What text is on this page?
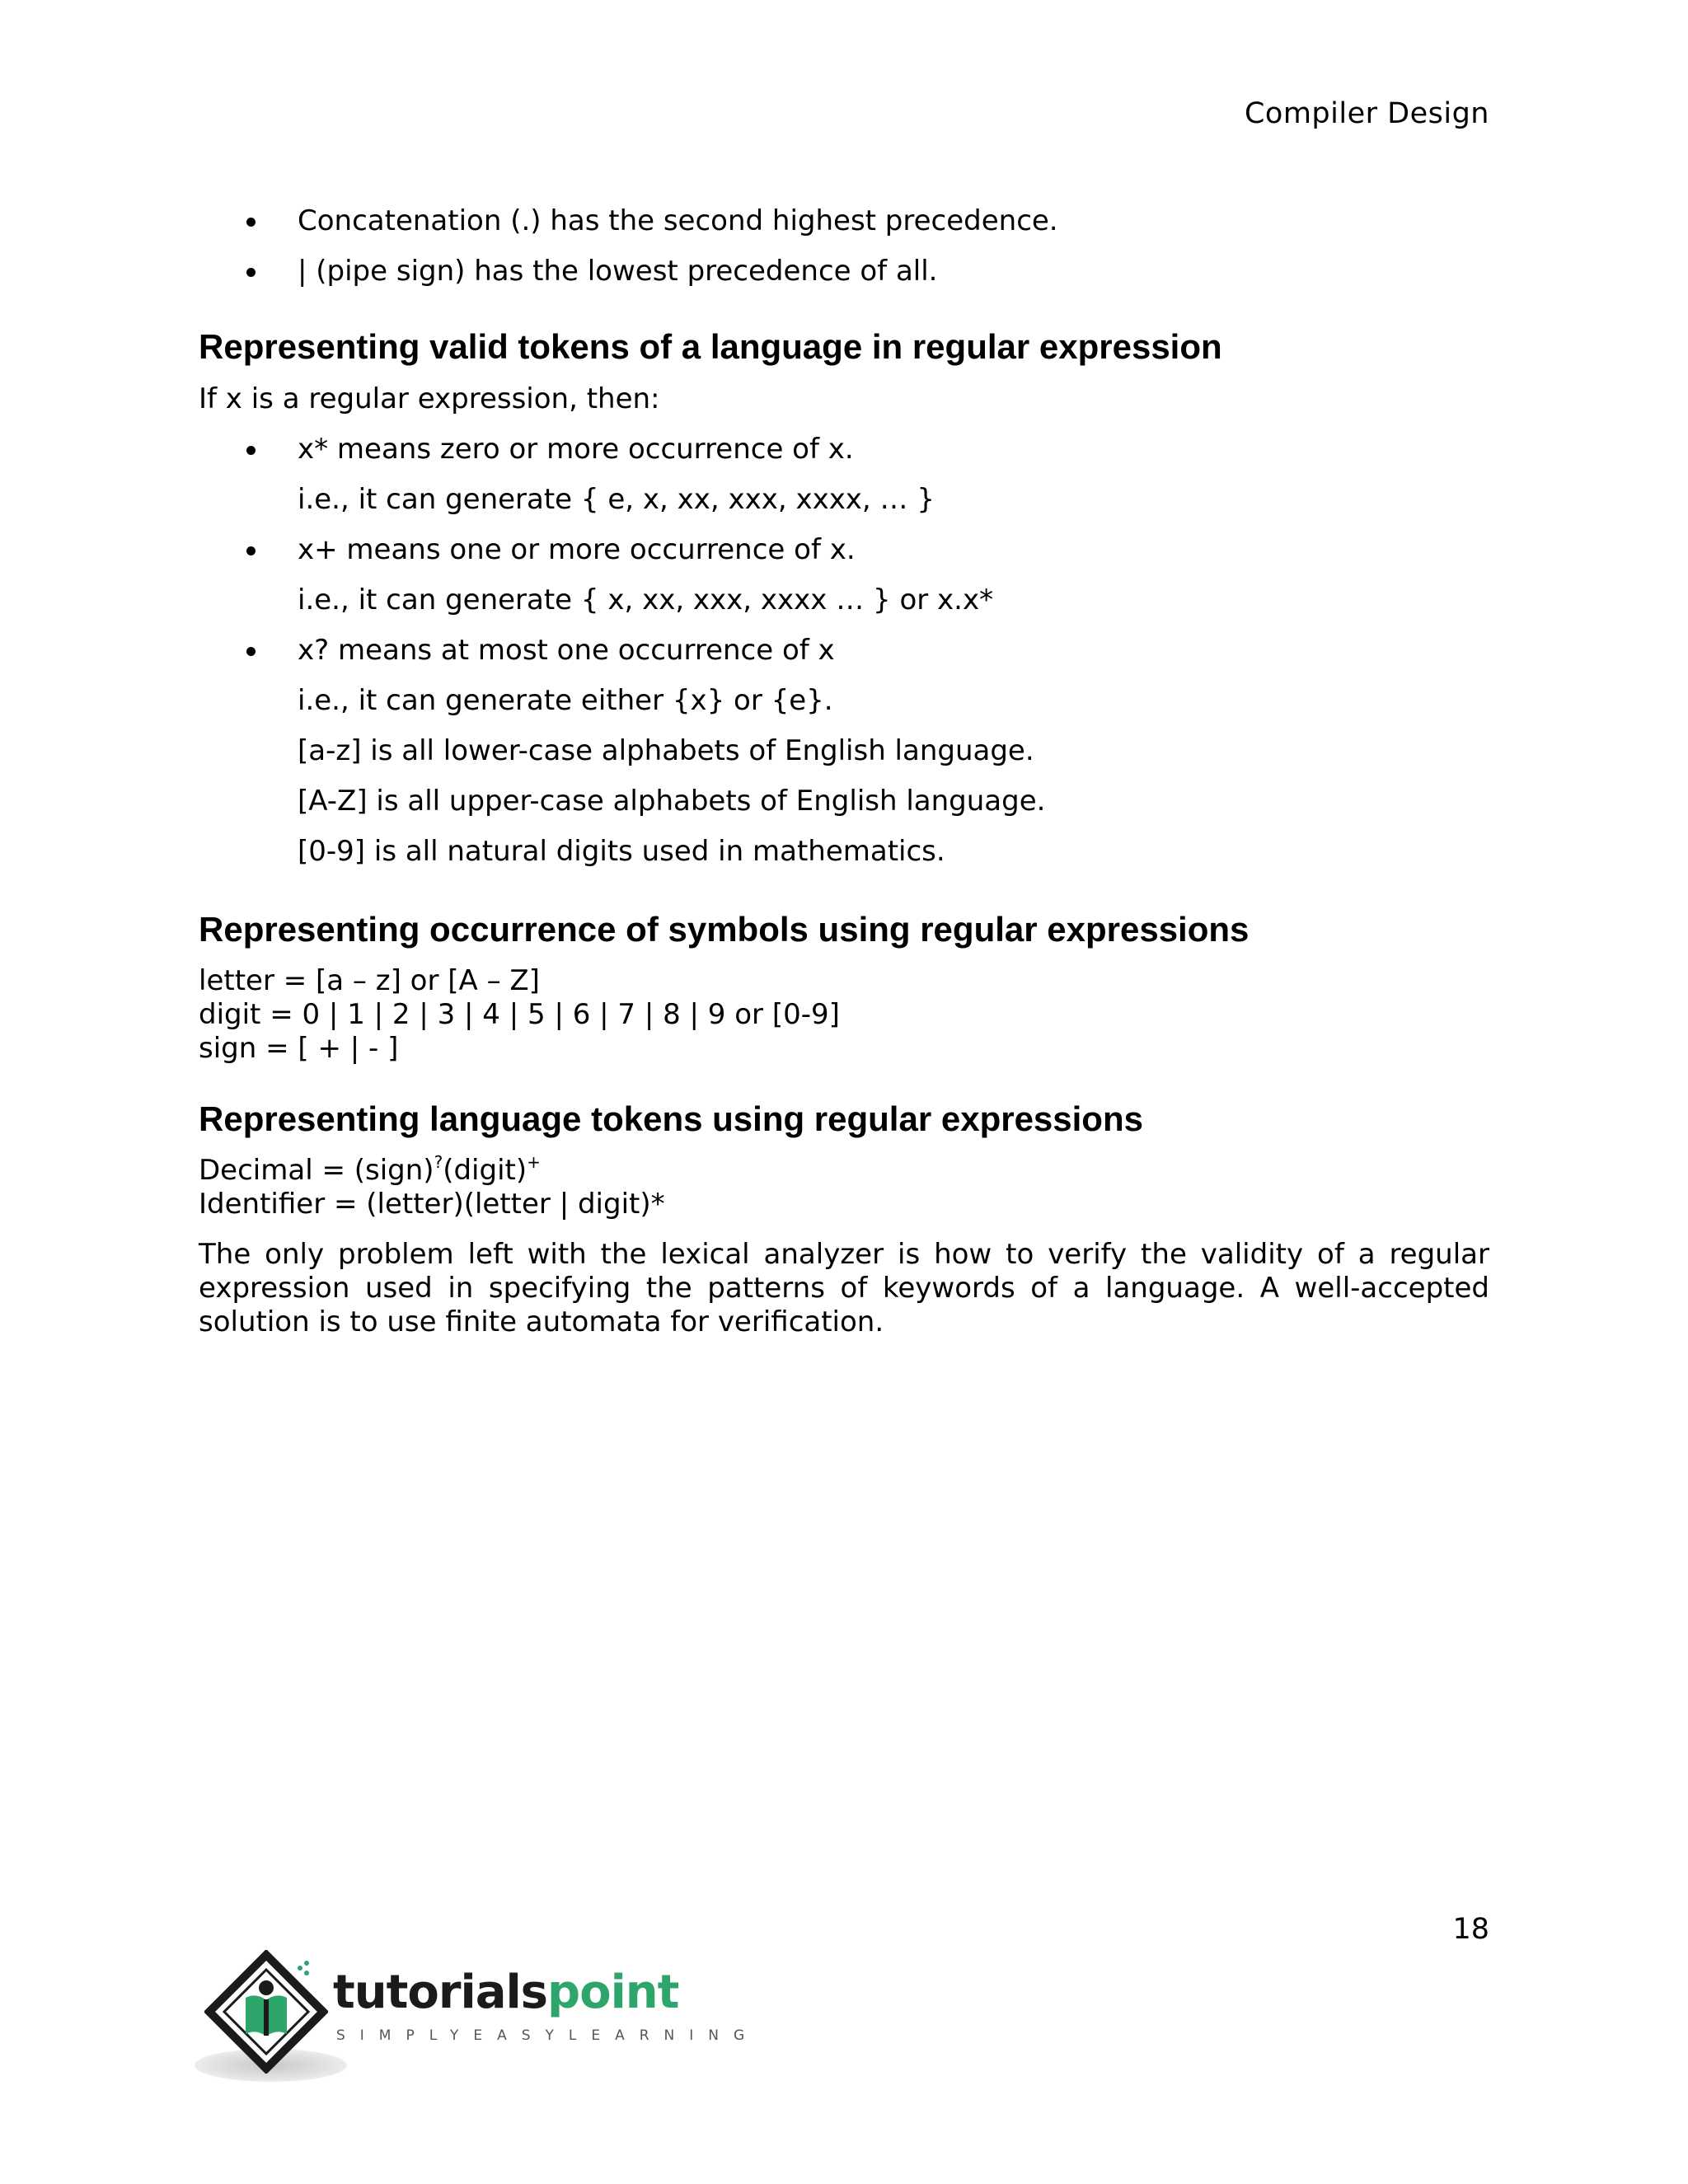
Compiler Design
Concatenation (.) has the second highest precedence.
| (pipe sign) has the lowest precedence of all.
Representing valid tokens of a language in regular expression
If x is a regular expression, then:
x* means zero or more occurrence of x.
i.e., it can generate { e, x, xx, xxx, xxxx, … }
x+ means one or more occurrence of x.
i.e., it can generate { x, xx, xxx, xxxx … } or x.x*
x? means at most one occurrence of x
i.e., it can generate either {x} or {e}.
[a-z] is all lower-case alphabets of English language.
[A-Z] is all upper-case alphabets of English language.
[0-9] is all natural digits used in mathematics.
Representing occurrence of symbols using regular expressions
letter = [a – z] or [A – Z]
digit = 0 | 1 | 2 | 3 | 4 | 5 | 6 | 7 | 8 | 9 or [0-9]
sign = [ + | - ]
Representing language tokens using regular expressions
Decimal = (sign)?(digit)+
Identifier = (letter)(letter | digit)*
The only problem left with the lexical analyzer is how to verify the validity of a regular expression used in specifying the patterns of keywords of a language. A well-accepted solution is to use finite automata for verification.
18
tutorialspoint
SIMPLYEASYLEARNING
